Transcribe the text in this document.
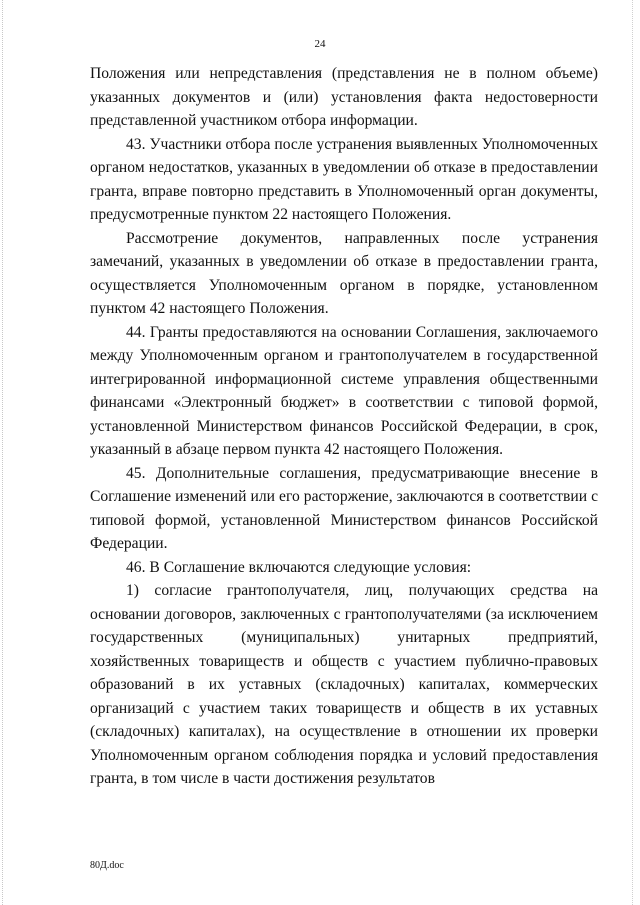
24

Положения или непредставления (представления не в полном объеме) указанных документов и (или) установления факта недостоверности представленной участником отбора информации.

43. Участники отбора после устранения выявленных Уполномоченных органом недостатков, указанных в уведомлении об отказе в предоставлении гранта, вправе повторно представить в Уполномоченный орган документы, предусмотренные пунктом 22 настоящего Положения.

Рассмотрение документов, направленных после устранения замечаний, указанных в уведомлении об отказе в предоставлении гранта, осуществляется Уполномоченным органом в порядке, установленном пунктом 42 настоящего Положения.

44. Гранты предоставляются на основании Соглашения, заключаемого между Уполномоченным органом и грантополучателем в государственной интегрированной информационной системе управления общественными финансами «Электронный бюджет» в соответствии с типовой формой, установленной Министерством финансов Российской Федерации, в срок, указанный в абзаце первом пункта 42 настоящего Положения.

45. Дополнительные соглашения, предусматривающие внесение в Соглашение изменений или его расторжение, заключаются в соответствии с типовой формой, установленной Министерством финансов Российской Федерации.

46. В Соглашение включаются следующие условия:

1) согласие грантополучателя, лиц, получающих средства на основании договоров, заключенных с грантополучателями (за исключением государственных (муниципальных) унитарных предприятий, хозяйственных товариществ и обществ с участием публично-правовых образований в их уставных (складочных) капиталах, коммерческих организаций с участием таких товариществ и обществ в их уставных (складочных) капиталах), на осуществление в отношении их проверки Уполномоченным органом соблюдения порядка и условий предоставления гранта, в том числе в части достижения результатов

80Д.doc
